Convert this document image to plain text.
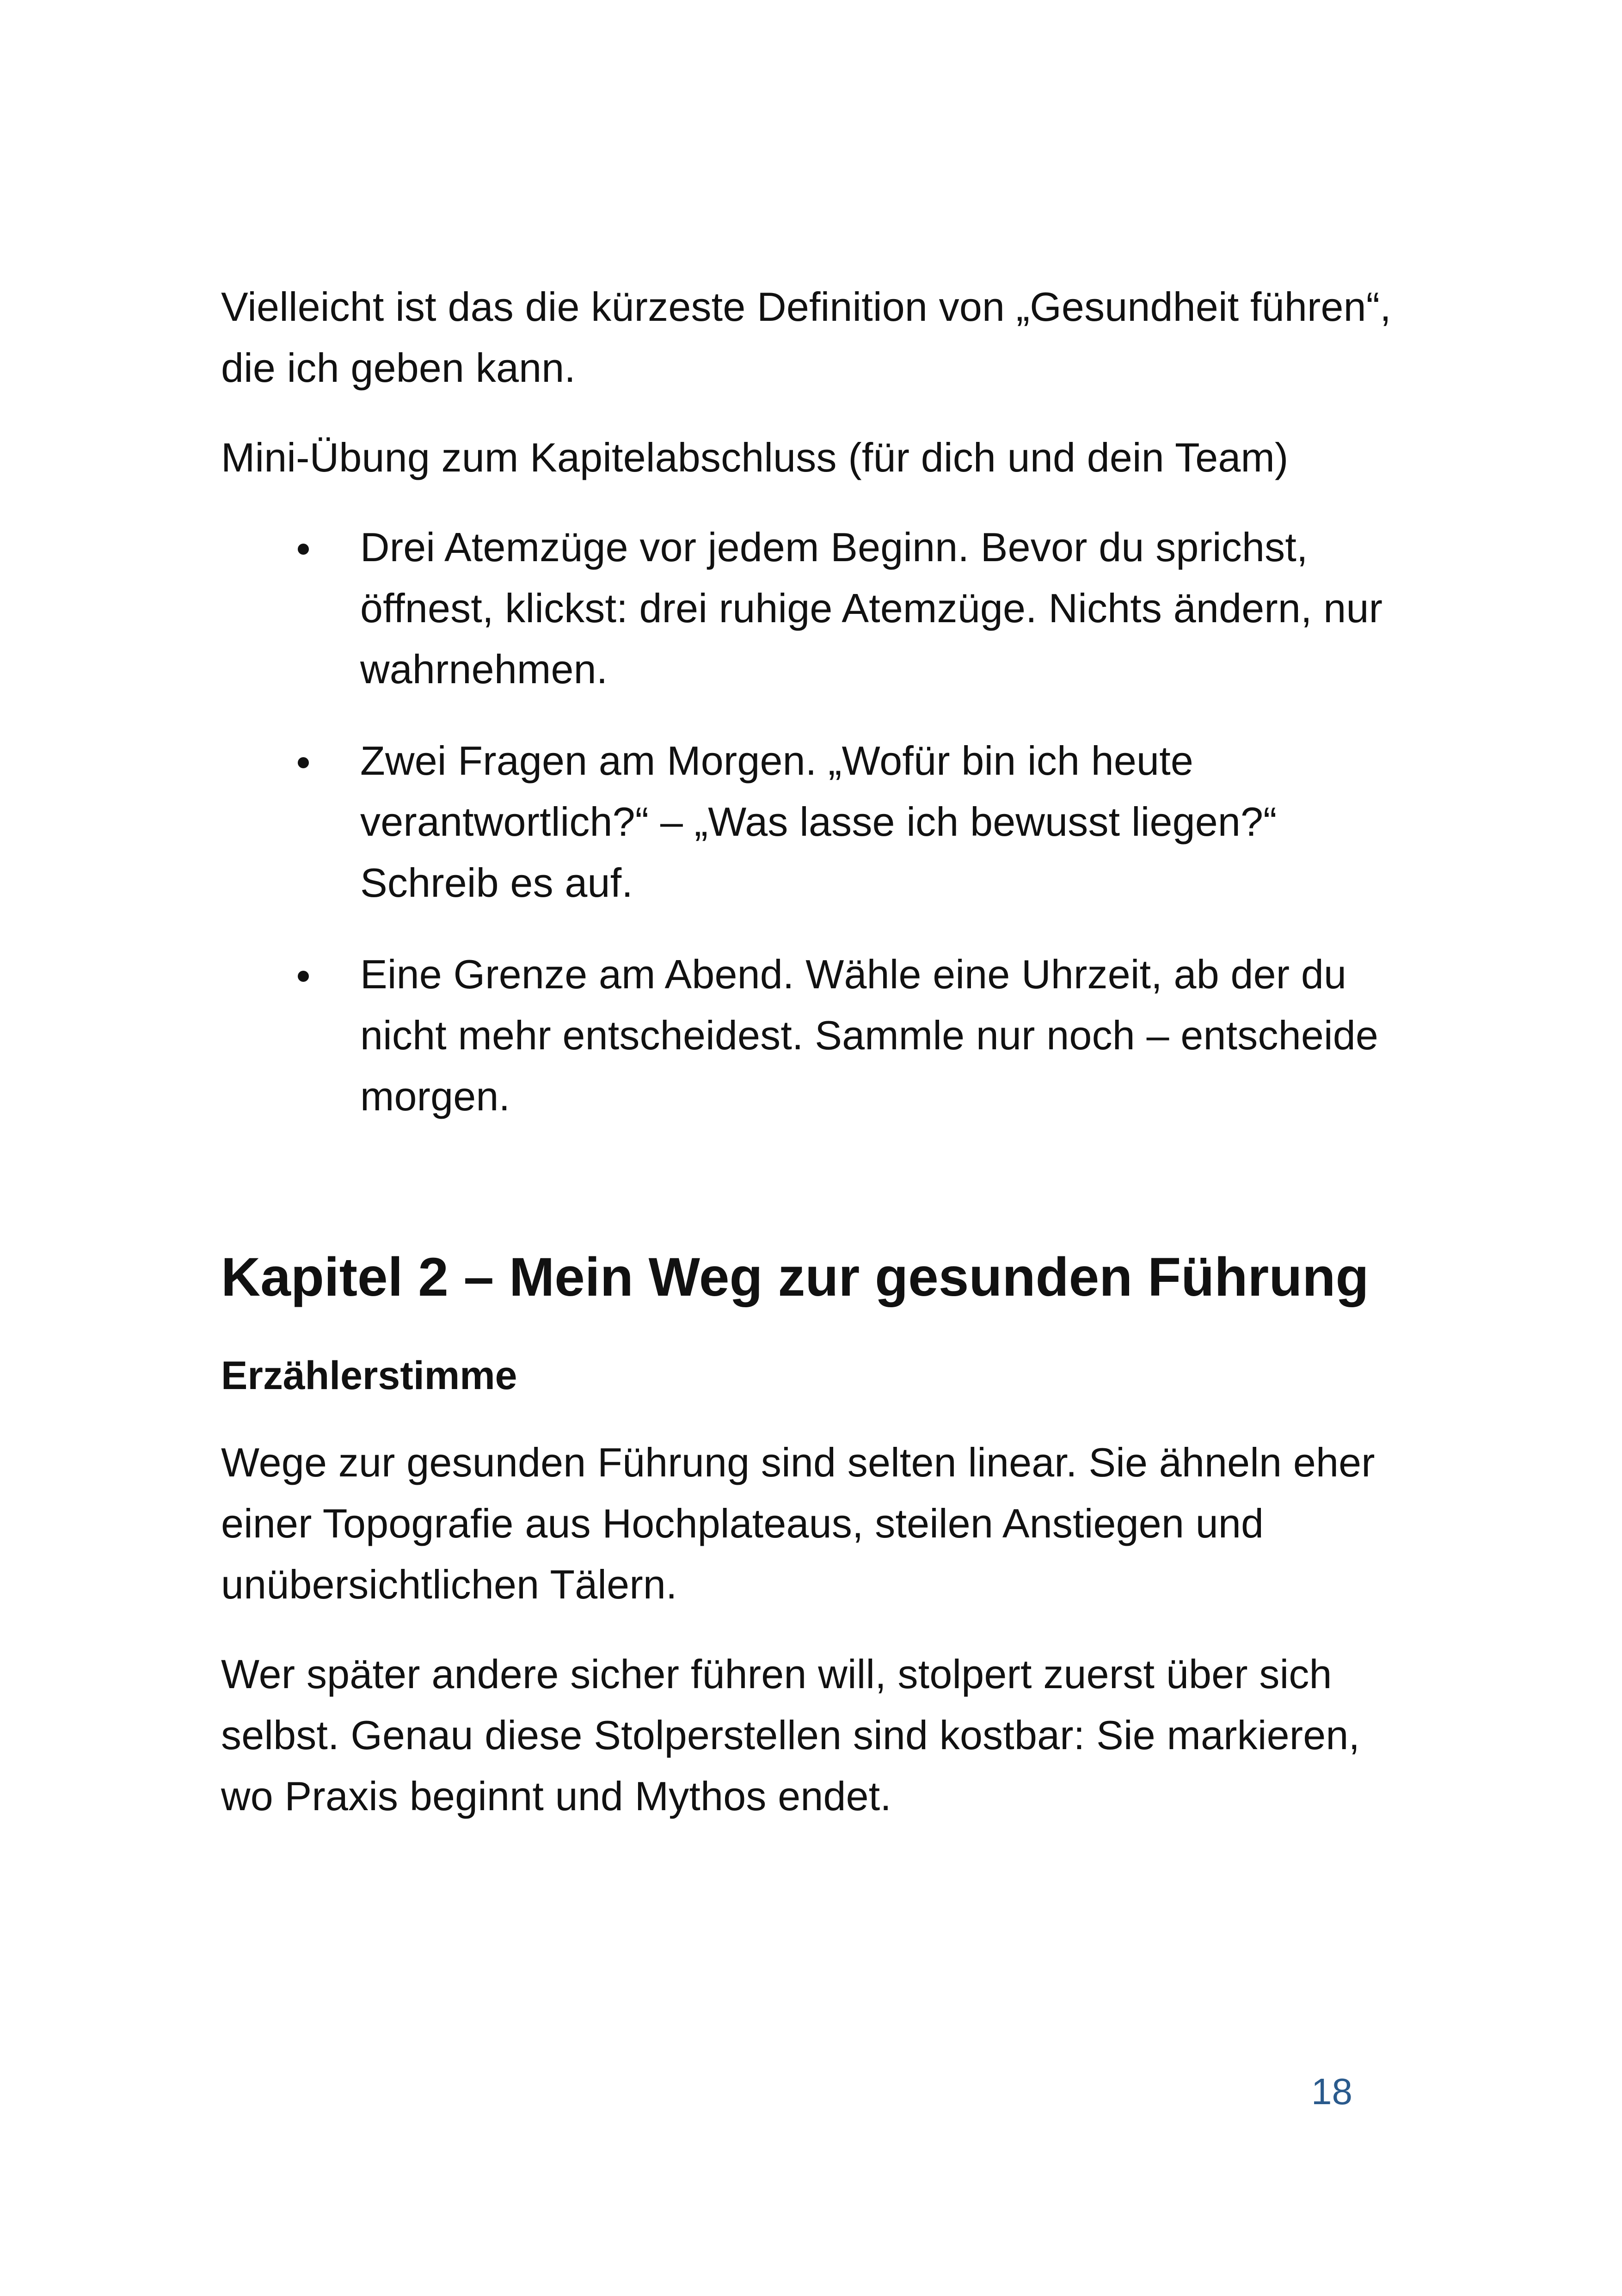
Vielleicht ist das die kürzeste Definition von „Gesundheit führen“, die ich geben kann.

Mini-Übung zum Kapitelabschluss (für dich und dein Team)

Drei Atemzüge vor jedem Beginn. Bevor du sprichst, öffnest, klickst: drei ruhige Atemzüge. Nichts ändern, nur wahrnehmen.

Zwei Fragen am Morgen. „Wofür bin ich heute verantwortlich?“ – „Was lasse ich bewusst liegen?“ Schreib es auf.

Eine Grenze am Abend. Wähle eine Uhrzeit, ab der du nicht mehr entscheidest. Sammle nur noch – entscheide morgen.

Kapitel 2 – Mein Weg zur gesunden Führung
Erzählerstimme

Wege zur gesunden Führung sind selten linear. Sie ähneln eher einer Topografie aus Hochplateaus, steilen Anstiegen und unübersichtlichen Tälern.

Wer später andere sicher führen will, stolpert zuerst über sich selbst. Genau diese Stolperstellen sind kostbar: Sie markieren, wo Praxis beginnt und Mythos endet.

18
